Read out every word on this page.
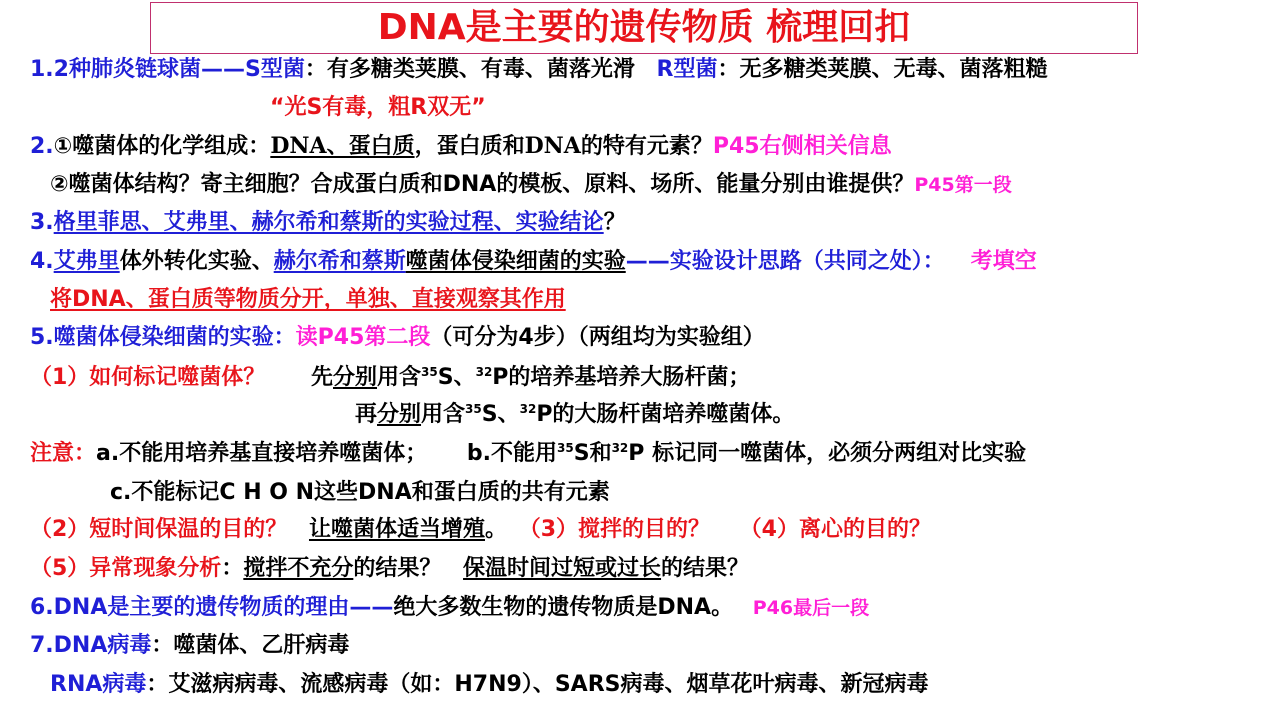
DNA是主要的遗传物质 梳理回扣
1.2种肺炎链球菌——S型菌：有多糖类荚膜、有毒、菌落光滑 R型菌：无多糖类荚膜、无毒、菌落粗糙
“光S有毒，粗R双无”
2.①噬菌体的化学组成：DNA、蛋白质，蛋白质和DNA的特有元素？P45右侧相关信息
②噬菌体结构？寄主细胞？合成蛋白质和DNA的模板、原料、场所、能量分别由谁提供？P45第一段
3.格里菲思、艾弗里、赫尔希和蔡斯的实验过程、实验结论？
4.艾弗里体外转化实验、赫尔希和蔡斯噬菌体侵染细菌的实验——实验设计思路（共同之处）： 考填空
将DNA、蛋白质等物质分开，单独、直接观察其作用
5.噬菌体侵染细菌的实验：读P45第二段（可分为4步）（两组均为实验组）
（1）如何标记噬菌体？ 先分别用含$^{35}$S、$^{32}$P的培养基培养大肠杆菌；
再分别用含$^{35}$S、$^{32}$P的大肠杆菌培养噬菌体。
注意：a.不能用培养基直接培养噬菌体； b.不能用$^{35}$S和$^{32}$P 标记同一噬菌体，必须分两组对比实验
c.不能标记C H O N这些DNA和蛋白质的共有元素
（2）短时间保温的目的？ 让噬菌体适当增殖。 （3）搅拌的目的？ （4）离心的目的？
（5）异常现象分析：搅拌不充分的结果？ 保温时间过短或过长的结果？
6.DNA是主要的遗传物质的理由——绝大多数生物的遗传物质是DNA。 P46最后一段
7.DNA病毒：噬菌体、乙肝病毒
RNA病毒：艾滋病病毒、流感病毒（如：H7N9）、SARS病毒、烟草花叶病毒、新冠病毒
